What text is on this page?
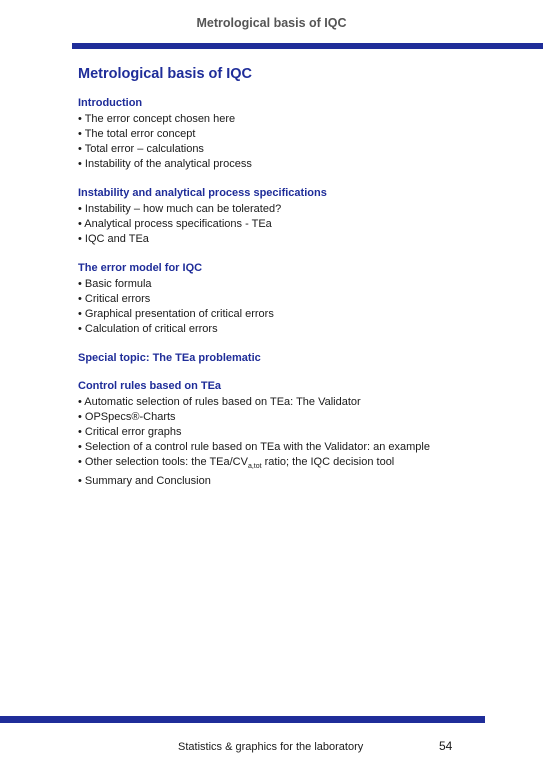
Metrological basis of IQC
Metrological basis of IQC
Introduction
• The error concept chosen here
• The total error concept
• Total error – calculations
• Instability of the analytical process
Instability and analytical process specifications
• Instability – how much can be tolerated?
• Analytical process specifications - TEa
• IQC and TEa
The error model for IQC
• Basic formula
• Critical errors
• Graphical presentation of critical errors
• Calculation of critical errors
Special topic: The TEa problematic
Control rules based on TEa
• Automatic selection of rules based on TEa: The Validator
• OPSpecs®-Charts
• Critical error graphs
• Selection of a control rule based on TEa with the Validator: an example
• Other selection tools: the TEa/$CV_{a,tot}$ ratio; the IQC decision tool
• Summary and Conclusion
Statistics & graphics for the laboratory	54
